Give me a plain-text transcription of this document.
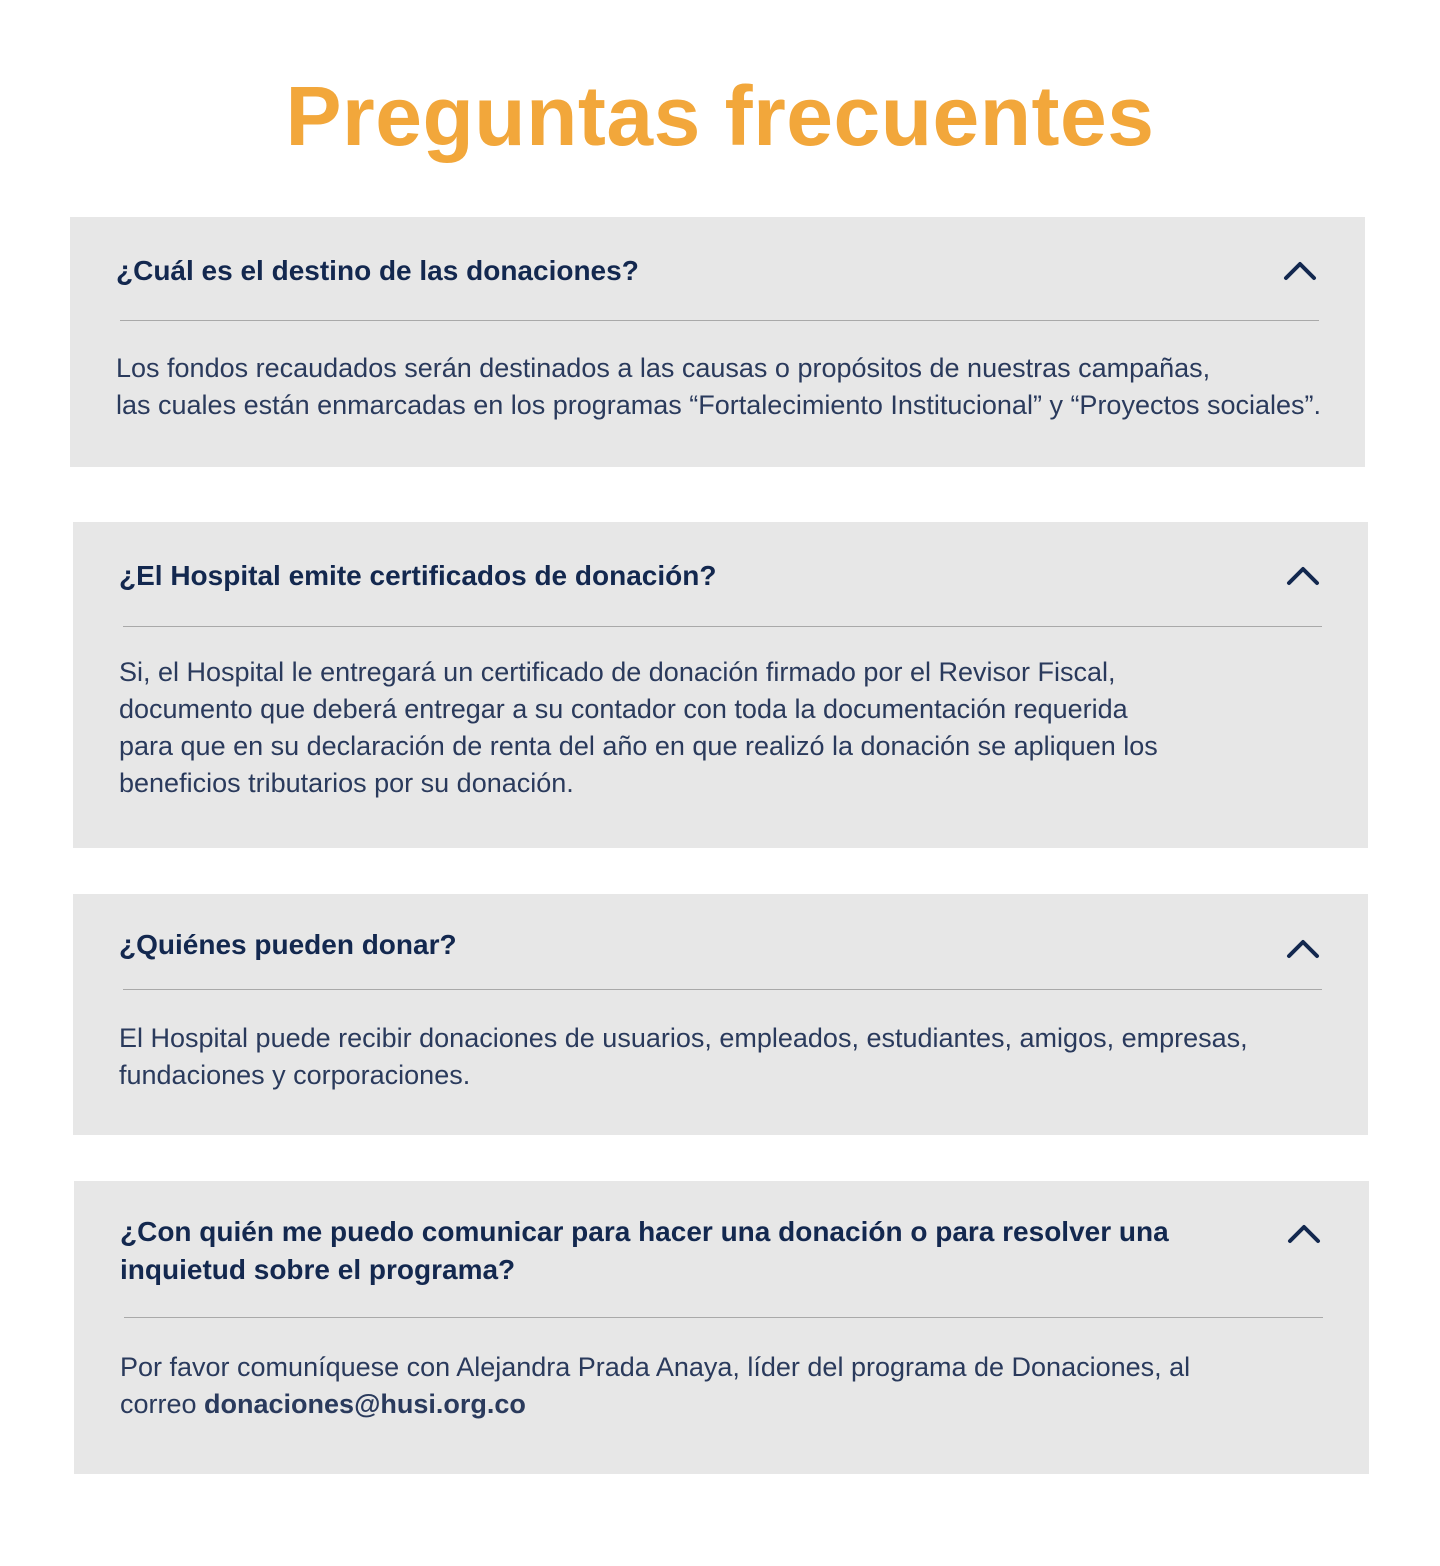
Preguntas frecuentes
¿Cuál es el destino de las donaciones?
Los fondos recaudados serán destinados a las causas o propósitos de nuestras campañas,
las cuales están enmarcadas en los programas “Fortalecimiento Institucional” y “Proyectos sociales”.
¿El Hospital emite certificados de donación?
Si, el Hospital le entregará un certificado de donación firmado por el Revisor Fiscal,
documento que deberá entregar a su contador con toda la documentación requerida
para que en su declaración de renta del año en que realizó la donación se apliquen los
beneficios tributarios por su donación.
¿Quiénes pueden donar?
El Hospital puede recibir donaciones de usuarios, empleados, estudiantes, amigos, empresas,
fundaciones y corporaciones.
¿Con quién me puedo comunicar para hacer una donación o para resolver una
inquietud sobre el programa?
Por favor comuníquese con Alejandra Prada Anaya, líder del programa de Donaciones, al
correo donaciones@husi.org.co
